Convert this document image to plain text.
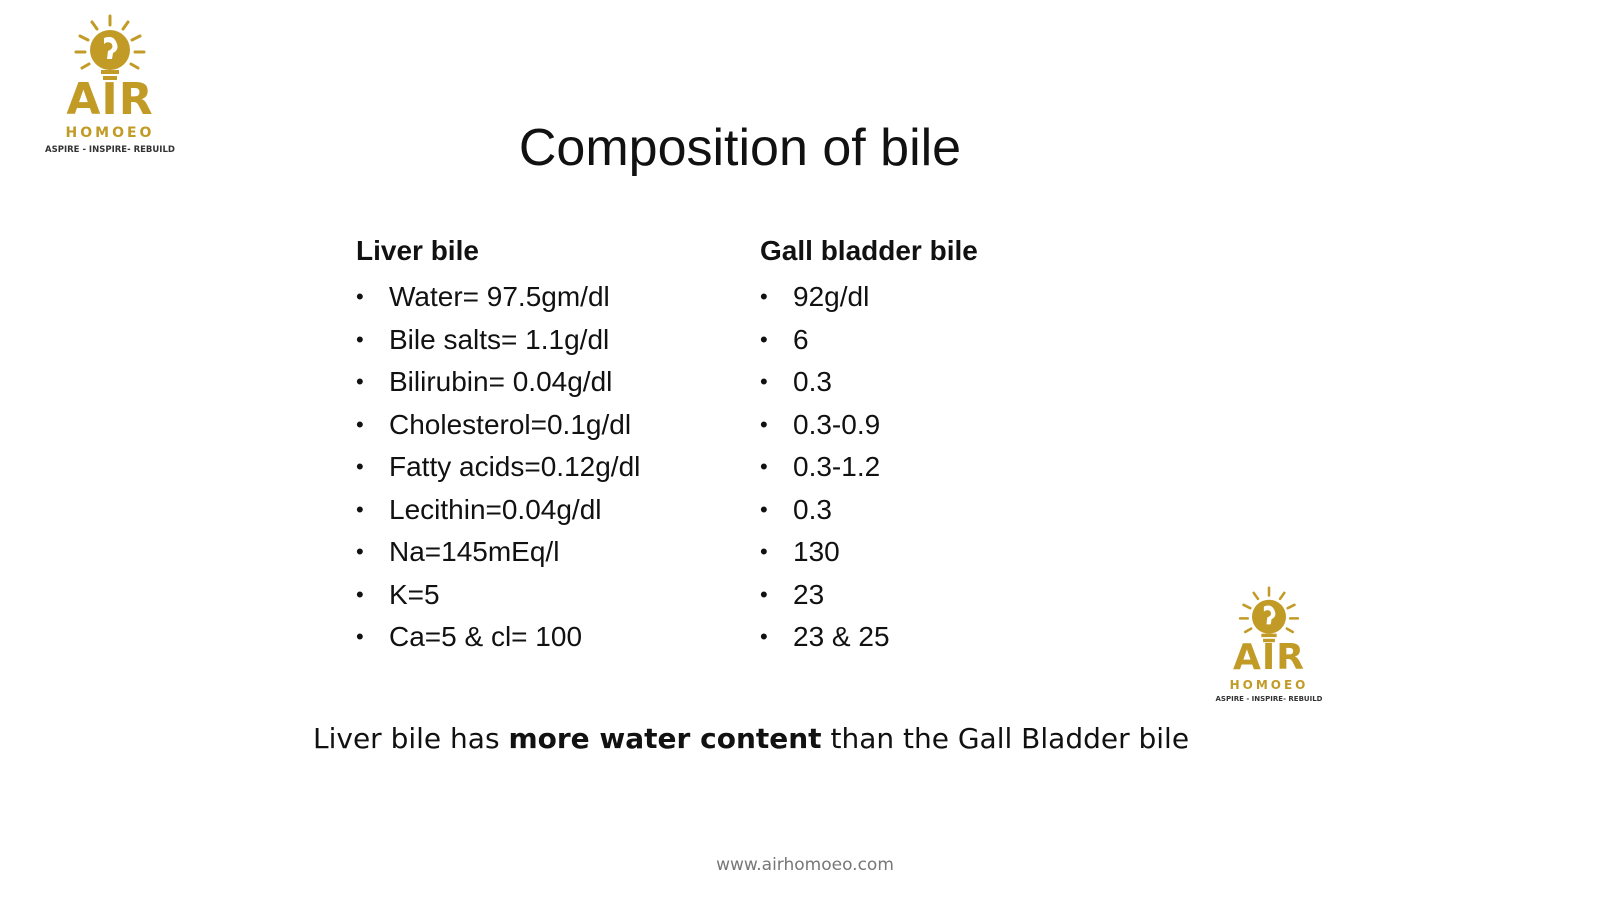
AIR
HOMOEO
ASPIRE - INSPIRE- REBUILD	Composition of bile
Liver bile
• Water= 97.5gm/dl
• Bile salts= 1.1g/dl
• Bilirubin= 0.04g/dl
• Cholesterol=0.1g/dl
• Fatty acids=0.12g/dl
• Lecithin=0.04g/dl
• Na=145mEq/l
• K=5
• Ca=5 & cl= 100
Gall bladder bile
• 92g/dl
• 6
• 0.3
• 0.3-0.9
• 0.3-1.2
• 0.3
• 130
• 23
• 23 & 25
AIR
HOMOEO
ASPIRE - INSPIRE- REBUILD
Liver bile has more water content than the Gall Bladder bile
www.airhomoeo.com
